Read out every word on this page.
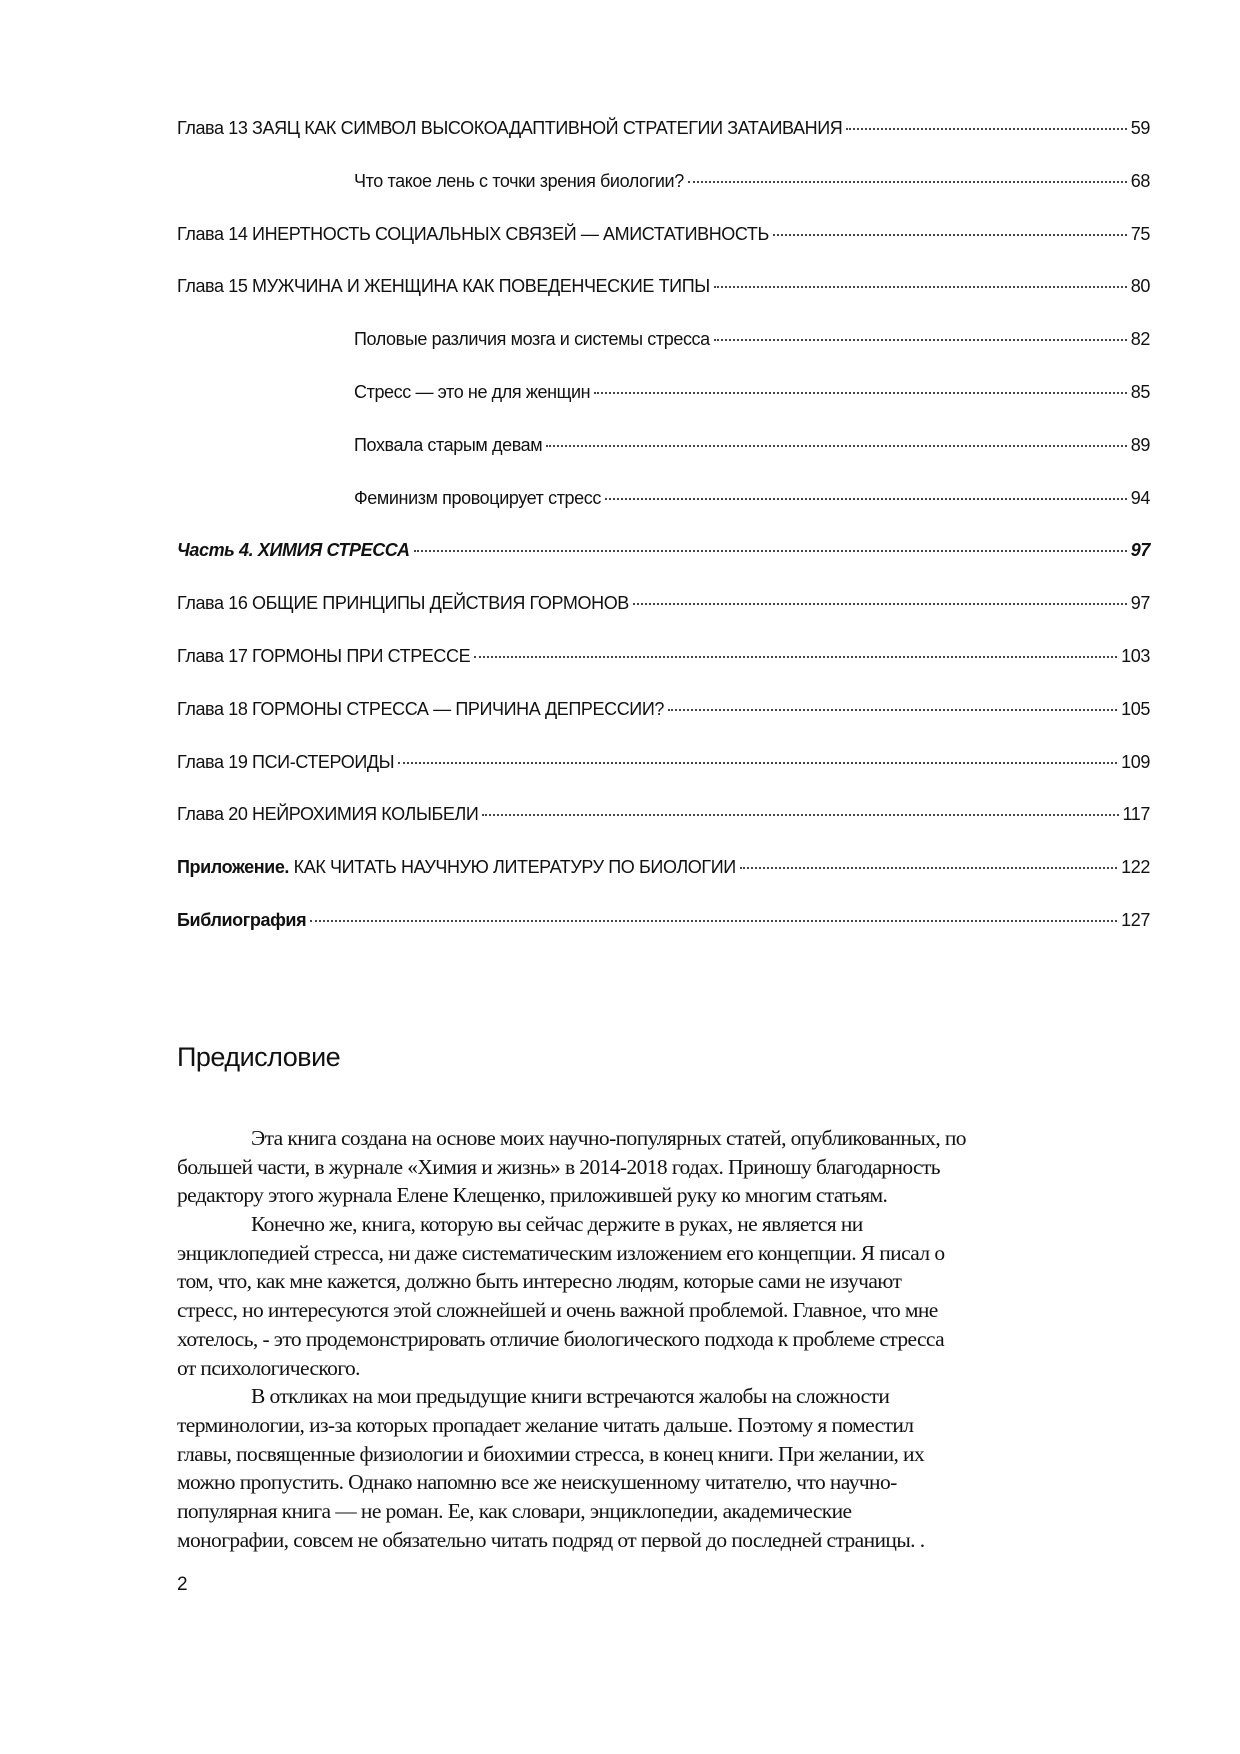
Глава 13 ЗАЯЦ КАК СИМВОЛ ВЫСОКОАДАПТИВНОЙ СТРАТЕГИИ ЗАТАИВАНИЯ	59
Что такое лень с точки зрения биологии?	68
Глава 14 ИНЕРТНОСТЬ СОЦИАЛЬНЫХ СВЯЗЕЙ — АМИСТАТИВНОСТЬ	75
Глава 15 МУЖЧИНА И ЖЕНЩИНА КАК ПОВЕДЕНЧЕСКИЕ ТИПЫ	80
Половые различия мозга и системы стресса	82
Стресс — это не для женщин	85
Похвала старым девам	89
Феминизм провоцирует стресс	94
Часть 4. ХИМИЯ СТРЕССА	97
Глава 16 ОБЩИЕ ПРИНЦИПЫ ДЕЙСТВИЯ ГОРМОНОВ	97
Глава 17 ГОРМОНЫ ПРИ СТРЕССЕ	103
Глава 18 ГОРМОНЫ СТРЕССА — ПРИЧИНА ДЕПРЕССИИ?	105
Глава 19 ПСИ-СТЕРОИДЫ	109
Глава 20 НЕЙРОХИМИЯ КОЛЫБЕЛИ	117
Приложение. КАК ЧИТАТЬ НАУЧНУЮ ЛИТЕРАТУРУ ПО БИОЛОГИИ	122
Библиография	127
Предисловие
Эта книга создана на основе моих научно-популярных статей, опубликованных, по
большей части, в журнале «Химия и жизнь» в 2014-2018 годах. Приношу благодарность
редактору этого журнала Елене Клещенко, приложившей руку ко многим статьям.
Конечно же, книга, которую вы сейчас держите в руках, не является ни
энциклопедией стресса, ни даже систематическим изложением его концепции. Я писал о
том, что, как мне кажется, должно быть интересно людям, которые сами не изучают
стресс, но интересуются этой сложнейшей и очень важной проблемой. Главное, что мне
хотелось, - это продемонстрировать отличие биологического подхода к проблеме стресса
от психологического.
В откликах на мои предыдущие книги встречаются жалобы на сложности
терминологии, из-за которых пропадает желание читать дальше. Поэтому я поместил
главы, посвященные физиологии и биохимии стресса, в конец книги. При желании, их
можно пропустить. Однако напомню все же неискушенному читателю, что научно-
популярная книга — не роман. Ее, как словари, энциклопедии, академические
монографии, совсем не обязательно читать подряд от первой до последней страницы. .
2
